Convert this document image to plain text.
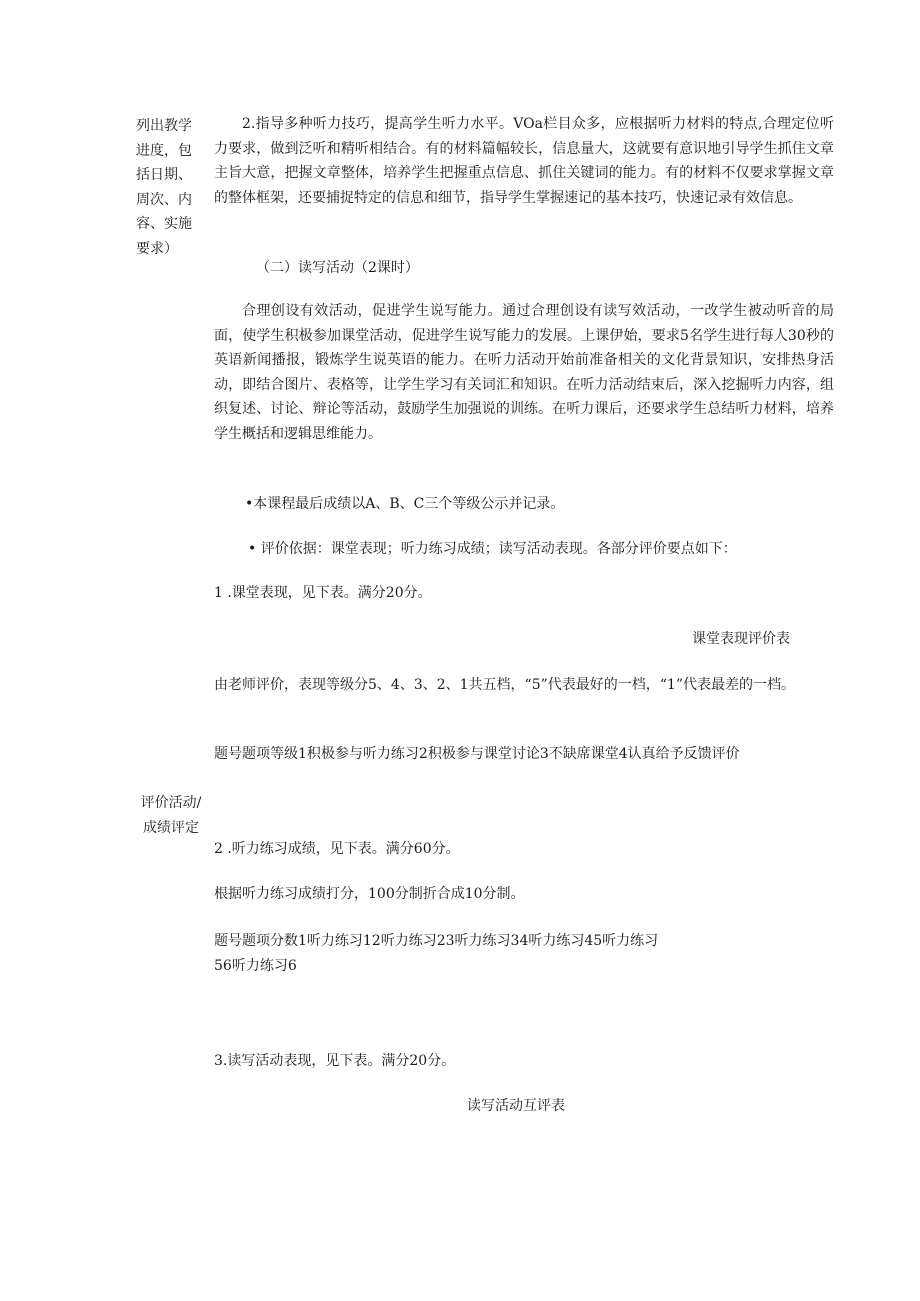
列出教学进度，包括日期、周次、内容、实施要求）
评价活动/成绩评定

2.指导多种听力技巧，提高学生听力水平。VOa栏目众多，应根据听力材料的特点,合理定位听力要求，做到泛听和精听相结合。有的材料篇幅较长，信息量大，这就要有意识地引导学生抓住文章主旨大意，把握文章整体，培养学生把握重点信息、抓住关键词的能力。有的材料不仅要求掌握文章的整体框架，还要捕捉特定的信息和细节，指导学生掌握速记的基本技巧，快速记录有效信息。

（二）读写活动（2课时）

合理创设有效活动，促进学生说写能力。通过合理创设有读写效活动，一改学生被动听音的局面，使学生积极参加课堂活动，促进学生说写能力的发展。上课伊始，要求5名学生进行每人30秒的英语新闻播报，锻炼学生说英语的能力。在听力活动开始前准备相关的文化背景知识，安排热身活动，即结合图片、表格等，让学生学习有关词汇和知识。在听力活动结束后，深入挖掘听力内容，组织复述、讨论、辩论等活动，鼓励学生加强说的训练。在听力课后，还要求学生总结听力材料，培养学生概括和逻辑思维能力。

•本课程最后成绩以A、B、C三个等级公示并记录。
• 评价依据：课堂表现；听力练习成绩；读写活动表现。各部分评价要点如下：
1 .课堂表现，见下表。满分20分。
课堂表现评价表

由老师评价，表现等级分5、4、3、2、1共五档，“5”代表最好的一档，“1”代表最差的一档。

题号题项等级1积极参与听力练习2积极参与课堂讨论3不缺席课堂4认真给予反馈评价
2 .听力练习成绩，见下表。满分60分。
根据听力练习成绩打分，100分制折合成10分制。
题号题项分数1听力练习12听力练习23听力练习34听力练习45听力练习
56听力练习6
3.读写活动表现，见下表。满分20分。
读写活动互评表
